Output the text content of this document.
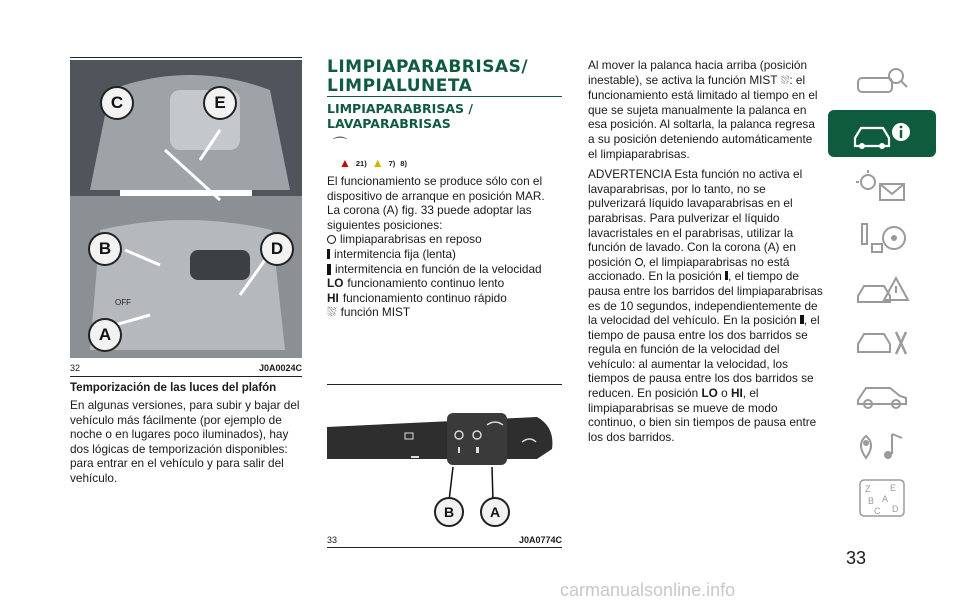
OFF
C	E
B	D
A
32	J0A0024C

Temporización de las luces del plafón

En algunas versiones, para subir y bajar del vehículo más fácilmente (por ejemplo de noche o en lugares poco iluminados), hay dos lógicas de temporización disponibles: para entrar en el vehículo y para salir del vehículo.

LIMPIAPARABRISAS/

LIMPIALUNETA

LIMPIAPARABRISAS /

LAVAPARABRISAS

⌒
▲ 21) ▲ 7) 8)

El funcionamiento se produce sólo con el dispositivo de arranque en posición MAR.

La corona (A) fig. 33 puede adoptar las siguientes posiciones:

limpiaparabrisas en reposo
intermitencia fija (lenta)
intermitencia en función de la velocidad
LO funcionamiento continuo lento
HI funcionamiento continuo rápido
⛆ función MIST
B	A
33	J0A0774C

Al mover la palanca hacia arriba (posición inestable), se activa la función MIST ⛆: el funcionamiento está limitado al tiempo en el que se sujeta manualmente la palanca en esa posición. Al soltarla, la palanca regresa a su posición deteniendo automáticamente el limpiaparabrisas.

ADVERTENCIA Esta función no activa el lavaparabrisas, por lo tanto, no se pulverizará líquido lavaparabrisas en el parabrisas. Para pulverizar el líquido lavacristales en el parabrisas, utilizar la función de lavado. Con la corona (A) en posición , el limpiaparabrisas no está accionado. En la posición , el tiempo de pausa entre los barridos del limpiaparabrisas es de 10 segundos, independientemente de la velocidad del vehículo. En la posición , el tiempo de pausa entre los dos barridos se regula en función de la velocidad del vehículo: al aumentar la velocidad, los tiempos de pausa entre los dos barridos se reducen. En posición LO o HI, el limpiaparabrisas se mueve de modo continuo, o bien sin tiempos de pausa entre los dos barridos.

Z E
B A
C D
33
carmanualsonline.info
